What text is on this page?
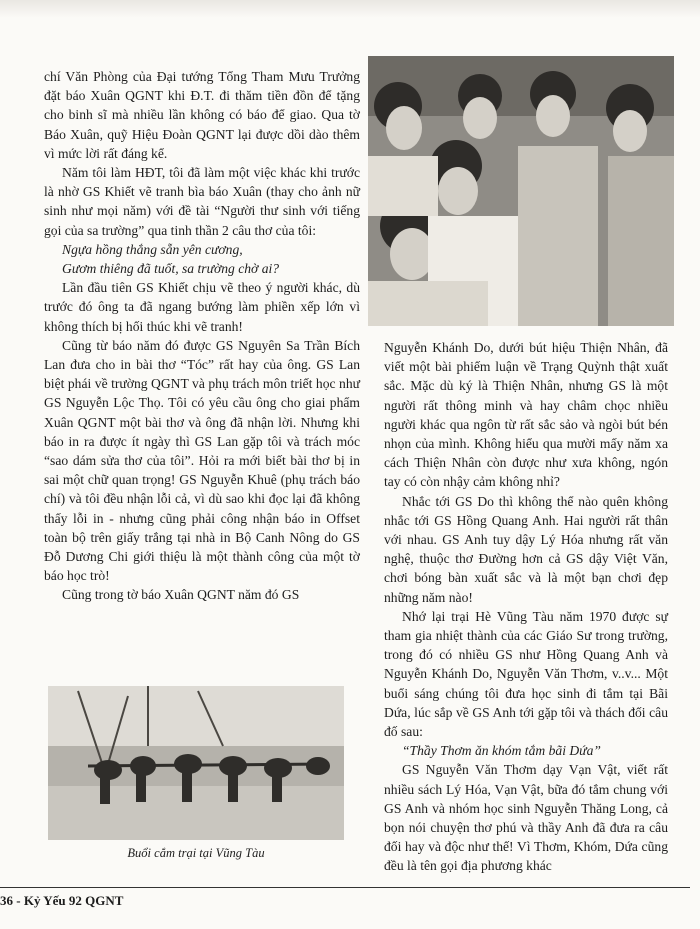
chí Văn Phòng của Đại tướng Tổng Tham Mưu Trưởng đặt báo Xuân QGNT khi Đ.T. đi thăm tiền đồn để tặng cho binh sĩ mà nhiều lần không có báo để giao. Qua tờ Báo Xuân, quỹ Hiệu Đoàn QGNT lại được dồi dào thêm vì mức lời rất đáng kể.

Năm tôi làm HĐT, tôi đã làm một việc khác khi trước là nhờ GS Khiết vẽ tranh bìa báo Xuân (thay cho ảnh nữ sinh như mọi năm) với đề tài “Người thư sinh với tiếng gọi của sa trường” qua tinh thần 2 câu thơ của tôi:

Ngựa hồng thắng sẵn yên cương,

Gươm thiêng đã tuốt, sa trường chờ ai?

Lần đầu tiên GS Khiết chịu vẽ theo ý người khác, dù trước đó ông ta đã ngang bướng làm phiền xếp lớn vì không thích bị hối thúc khi vẽ tranh!

Cũng từ báo năm đó được GS Nguyên Sa Trần Bích Lan đưa cho in bài thơ “Tóc” rất hay của ông. GS Lan biệt phái về trường QGNT và phụ trách môn triết học như GS Nguyễn Lộc Thọ. Tôi có yêu cầu ông cho giai phẩm Xuân QGNT một bài thơ và ông đã nhận lời. Nhưng khi báo in ra được ít ngày thì GS Lan gặp tôi và trách móc “sao dám sửa thơ của tôi”. Hỏi ra mới biết bài thơ bị in sai một chữ quan trọng! GS Nguyễn Khuê (phụ trách báo chí) và tôi đều nhận lỗi cả, vì dù sao khi đọc lại đã không thấy lỗi in - nhưng cũng phải công nhận báo in Offset toàn bộ trên giấy trắng tại nhà in Bộ Canh Nông do GS Đỗ Dương Chi giới thiệu là một thành công của một tờ báo học trò!

Cũng trong tờ báo Xuân QGNT năm đó GS

Nguyễn Khánh Do, dưới bút hiệu Thiện Nhân, đã viết một bài phiếm luận về Trạng Quỳnh thật xuất sắc. Mặc dù ký là Thiện Nhân, nhưng GS là một người rất thông minh và hay châm chọc nhiều người khác qua ngôn từ rất sắc sảo và ngòi bút bén nhọn của mình. Không hiểu qua mười mấy năm xa cách Thiện Nhân còn được như xưa không, ngón tay có còn nhậy cảm không nhỉ?

Nhắc tới GS Do thì không thể nào quên không nhắc tới GS Hồng Quang Anh. Hai người rất thân với nhau. GS Anh tuy dậy Lý Hóa nhưng rất văn nghệ, thuộc thơ Đường hơn cả GS dậy Việt Văn, chơi bóng bàn xuất sắc và là một bạn chơi đẹp những năm nào!

Nhớ lại trại Hè Vũng Tàu năm 1970 được sự tham gia nhiệt thành của các Giáo Sư trong trường, trong đó có nhiều GS như Hồng Quang Anh và Nguyễn Khánh Do, Nguyễn Văn Thơm, v..v... Một buổi sáng chúng tôi đưa học sinh đi tắm tại Bãi Dứa, lúc sắp về GS Anh tới gặp tôi và thách đối câu đố sau:

“Thầy Thơm ăn khóm tắm bãi Dứa”

GS Nguyễn Văn Thơm dạy Vạn Vật, viết rất nhiều sách Lý Hóa, Vạn Vật, bữa đó tắm chung với GS Anh và nhóm học sinh Nguyễn Thăng Long, cả bọn nói chuyện thơ phú và thầy Anh đã đưa ra câu đối hay và độc như thế! Vì Thơm, Khóm, Dứa cũng đều là tên gọi địa phương khác

Buổi cắm trại tại Vũng Tàu
36 - Kỷ Yếu 92 QGNT
